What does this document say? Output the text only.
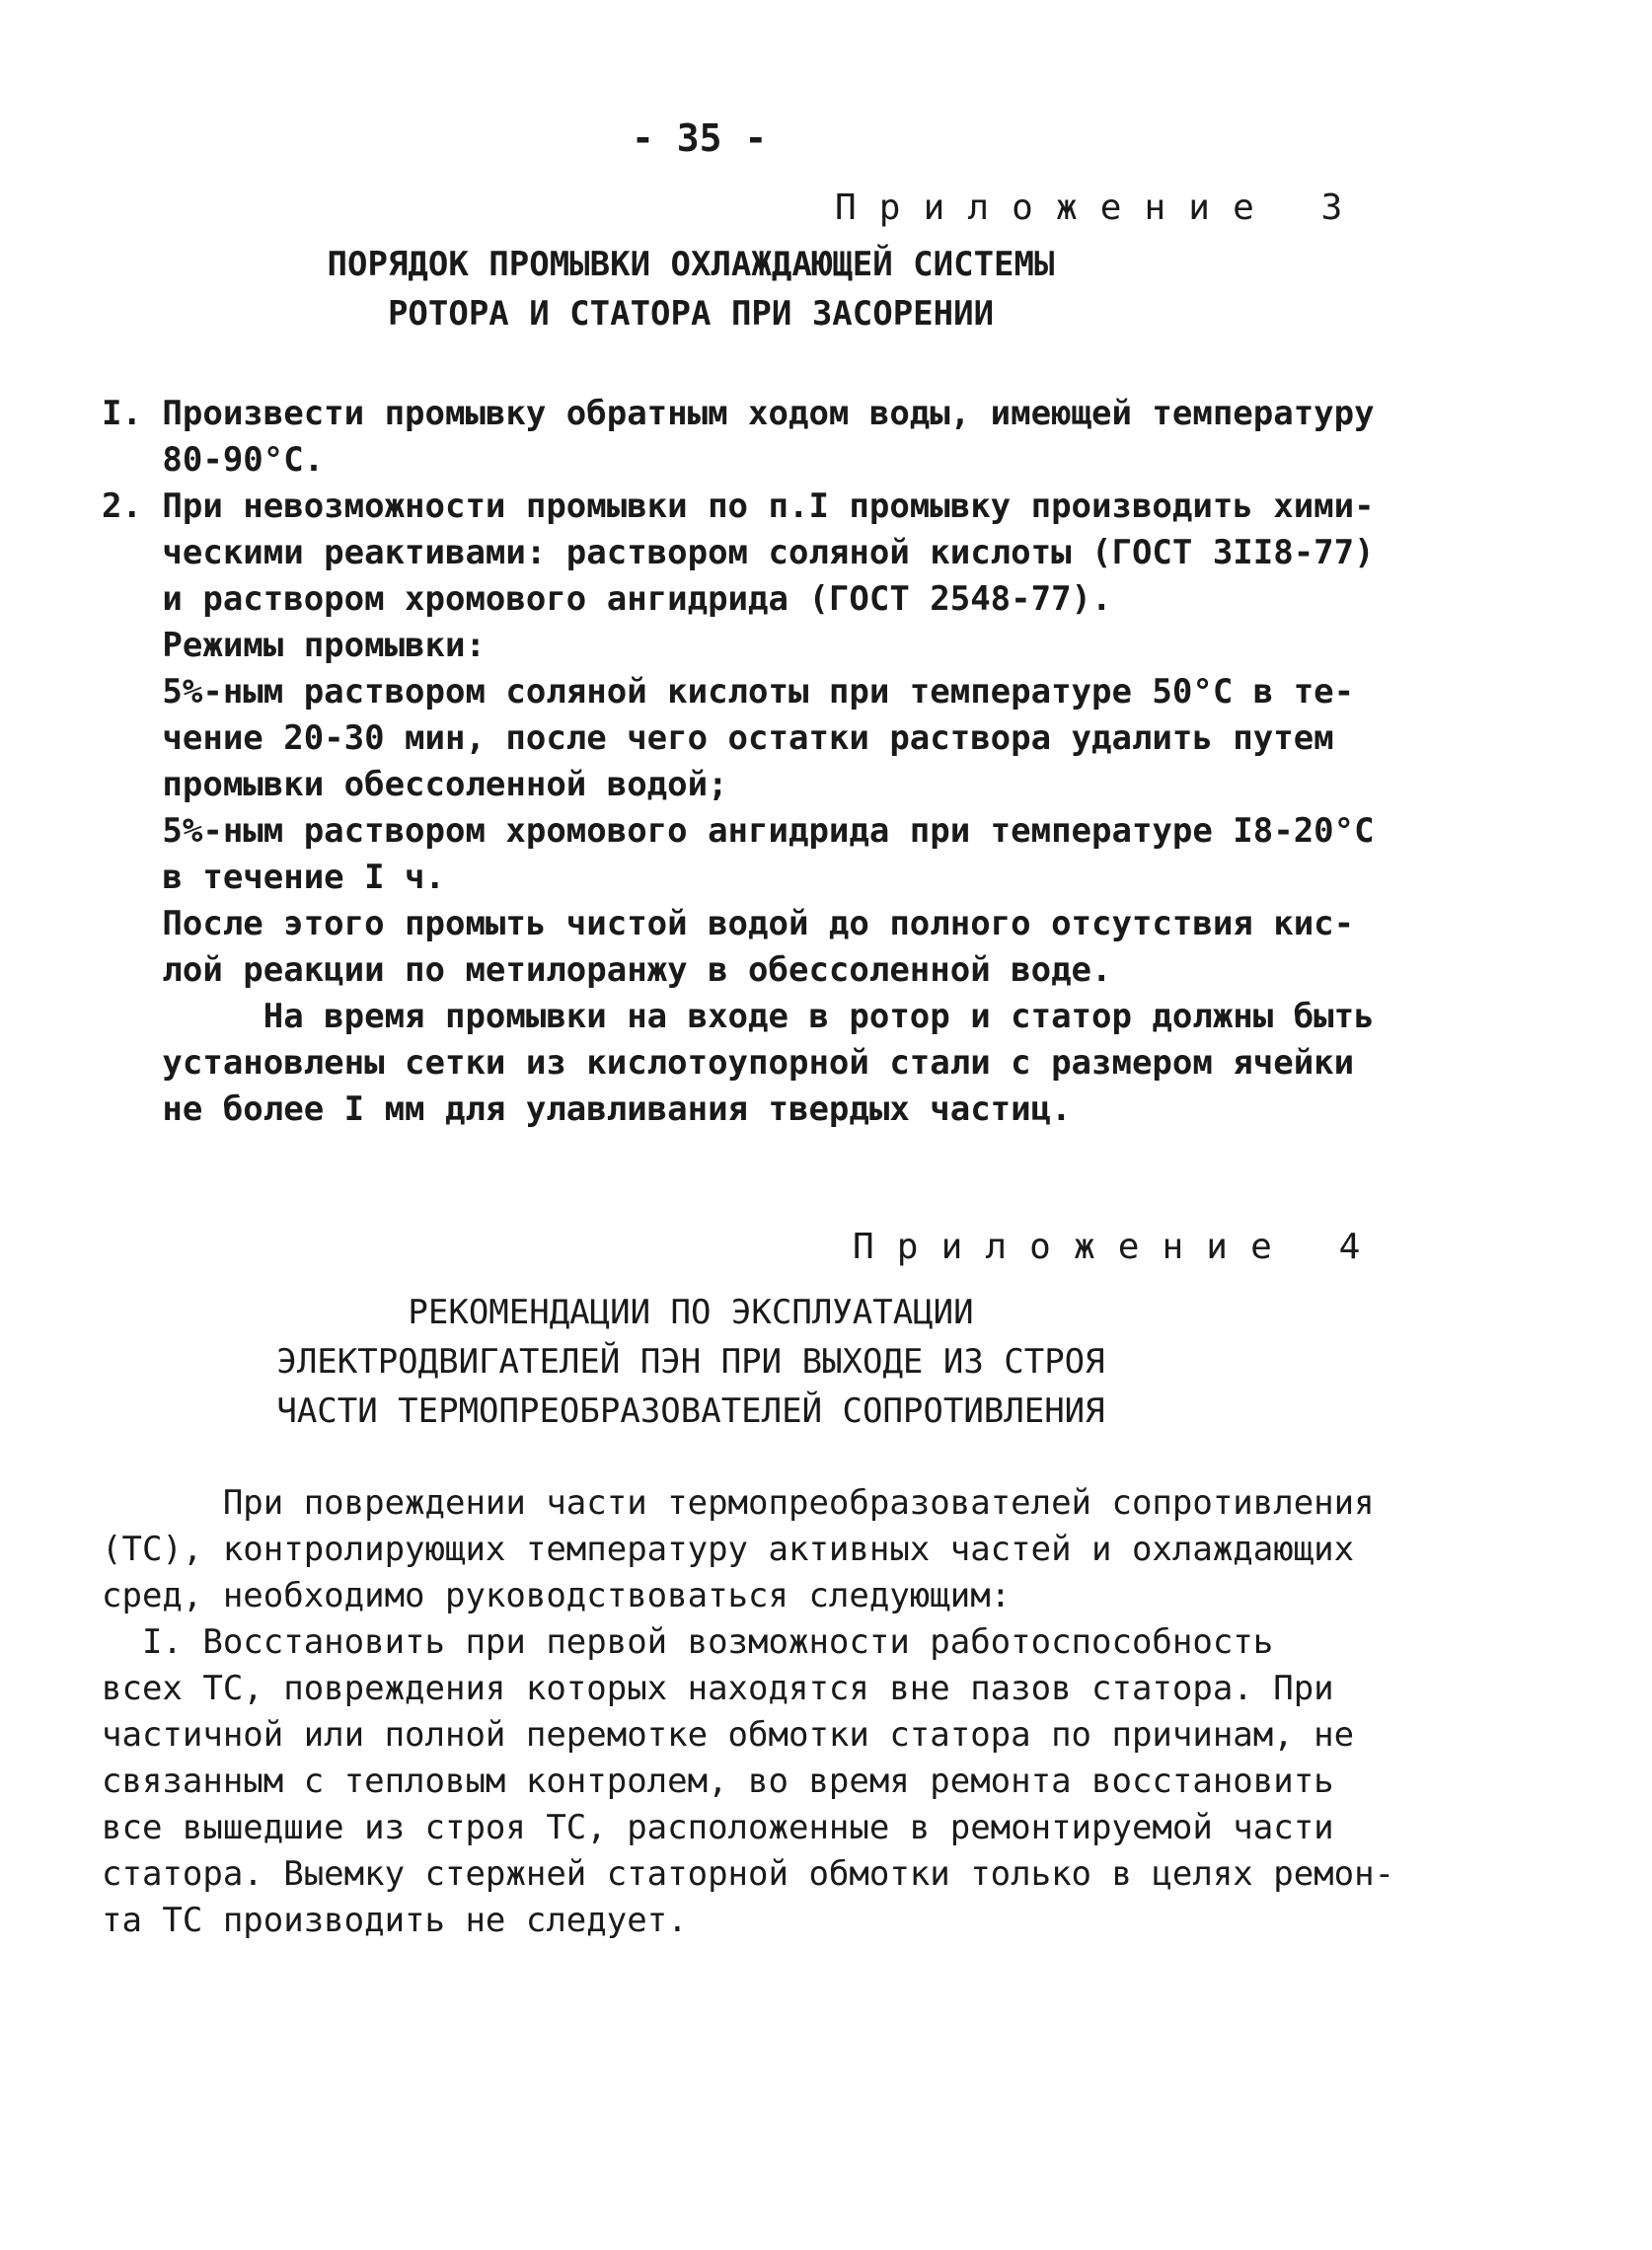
- 35 -
П р и л о ж е н и е   3
ПОРЯДОК ПРОМЫВКИ ОХЛАЖДАЮЩЕЙ СИСТЕМЫ
РОТОРА И СТАТОРА ПРИ ЗАСОРЕНИИ
I. Произвести промывку обратным ходом воды, имеющей температуру
80-90°С.
2. При невозможности промывки по п.I промывку производить хими-
ческими реактивами: раствором соляной кислоты (ГОСТ 3II8-77)
и раствором хромового ангидрида (ГОСТ 2548-77).
Режимы промывки:
5%-ным раствором соляной кислоты при температуре 50°С в те-
чение 20-30 мин, после чего остатки раствора удалить путем
промывки обессоленной водой;
5%-ным раствором хромового ангидрида при температуре I8-20°С
в течение I ч.
После этого промыть чистой водой до полного отсутствия кис-
лой реакции по метилоранжу в обессоленной воде.
На время промывки на входе в ротор и статор должны быть
установлены сетки из кислотоупорной стали с размером ячейки
не более I мм для улавливания твердых частиц.
П р и л о ж е н и е   4
РЕКОМЕНДАЦИИ ПО ЭКСПЛУАТАЦИИ
ЭЛЕКТРОДВИГАТЕЛЕЙ ПЭН ПРИ ВЫХОДЕ ИЗ СТРОЯ
ЧАСТИ ТЕРМОПРЕОБРАЗОВАТЕЛЕЙ СОПРОТИВЛЕНИЯ
При повреждении части термопреобразователей сопротивления
(ТС), контролирующих температуру активных частей и охлаждающих
сред, необходимо руководствоваться следующим:
I. Восстановить при первой возможности работоспособность
всех ТС, повреждения которых находятся вне пазов статора. При
частичной или полной перемотке обмотки статора по причинам, не
связанным с тепловым контролем, во время ремонта восстановить
все вышедшие из строя ТС, расположенные в ремонтируемой части
статора. Выемку стержней статорной обмотки только в целях ремон-
та ТС производить не следует.
